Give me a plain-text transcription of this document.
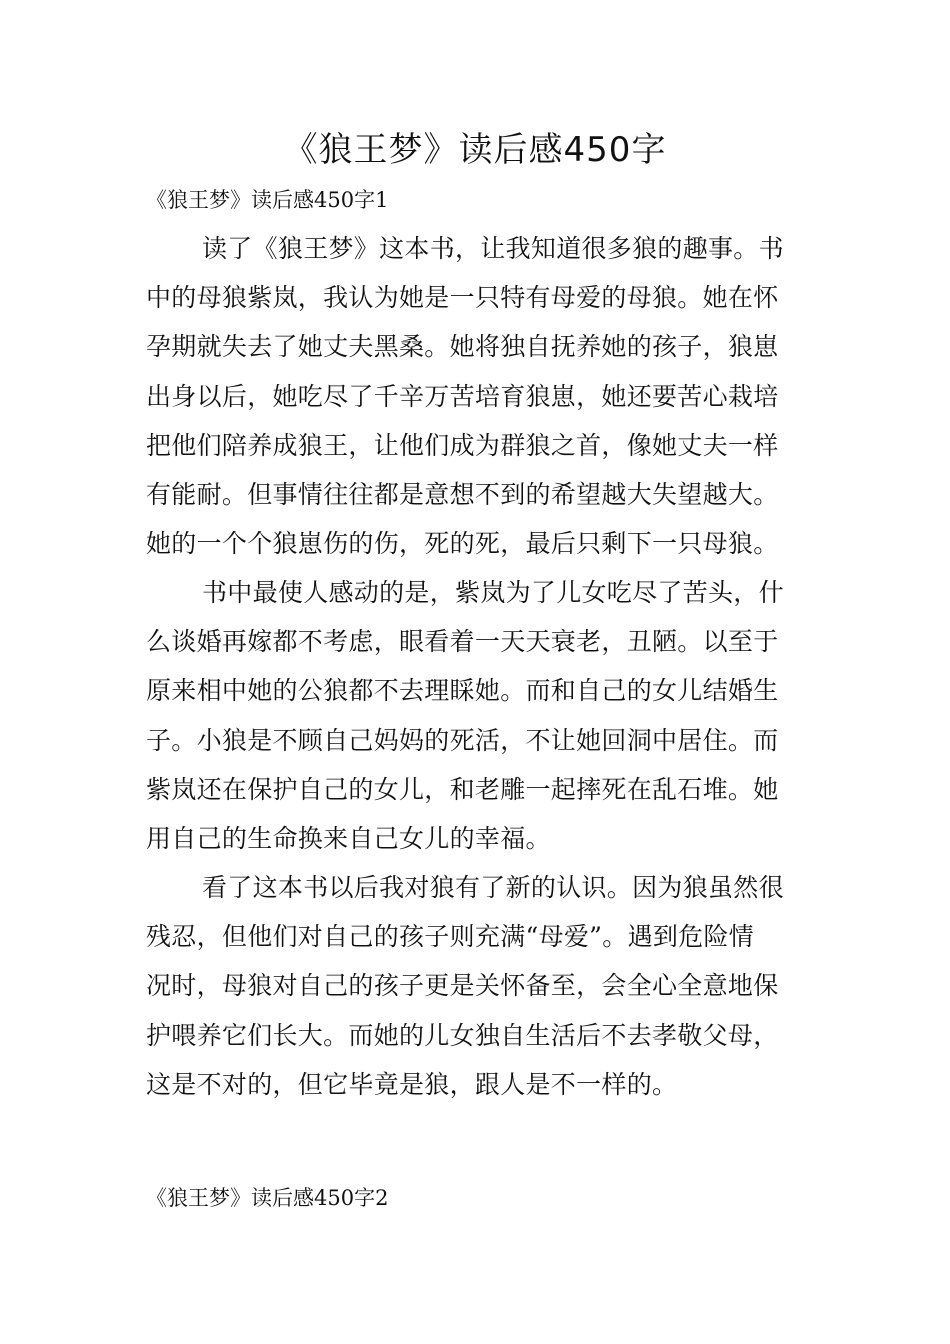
《狼王梦》读后感450字
《狼王梦》读后感450字1
读了《狼王梦》这本书，让我知道很多狼的趣事。书
中的母狼紫岚，我认为她是一只特有母爱的母狼。她在怀
孕期就失去了她丈夫黑桑。她将独自抚养她的孩子，狼崽
出身以后，她吃尽了千辛万苦培育狼崽，她还要苦心栽培
把他们陪养成狼王，让他们成为群狼之首，像她丈夫一样
有能耐。但事情往往都是意想不到的希望越大失望越大。
她的一个个狼崽伤的伤，死的死，最后只剩下一只母狼。
书中最使人感动的是，紫岚为了儿女吃尽了苦头，什
么谈婚再嫁都不考虑，眼看着一天天衰老，丑陋。以至于
原来相中她的公狼都不去理睬她。而和自己的女儿结婚生
子。小狼是不顾自己妈妈的死活，不让她回洞中居住。而
紫岚还在保护自己的女儿，和老雕一起摔死在乱石堆。她
用自己的生命换来自己女儿的幸福。
看了这本书以后我对狼有了新的认识。因为狼虽然很
残忍，但他们对自己的孩子则充满“母爱”。遇到危险情
况时，母狼对自己的孩子更是关怀备至，会全心全意地保
护喂养它们长大。而她的儿女独自生活后不去孝敬父母，
这是不对的，但它毕竟是狼，跟人是不一样的。
《狼王梦》读后感450字2
